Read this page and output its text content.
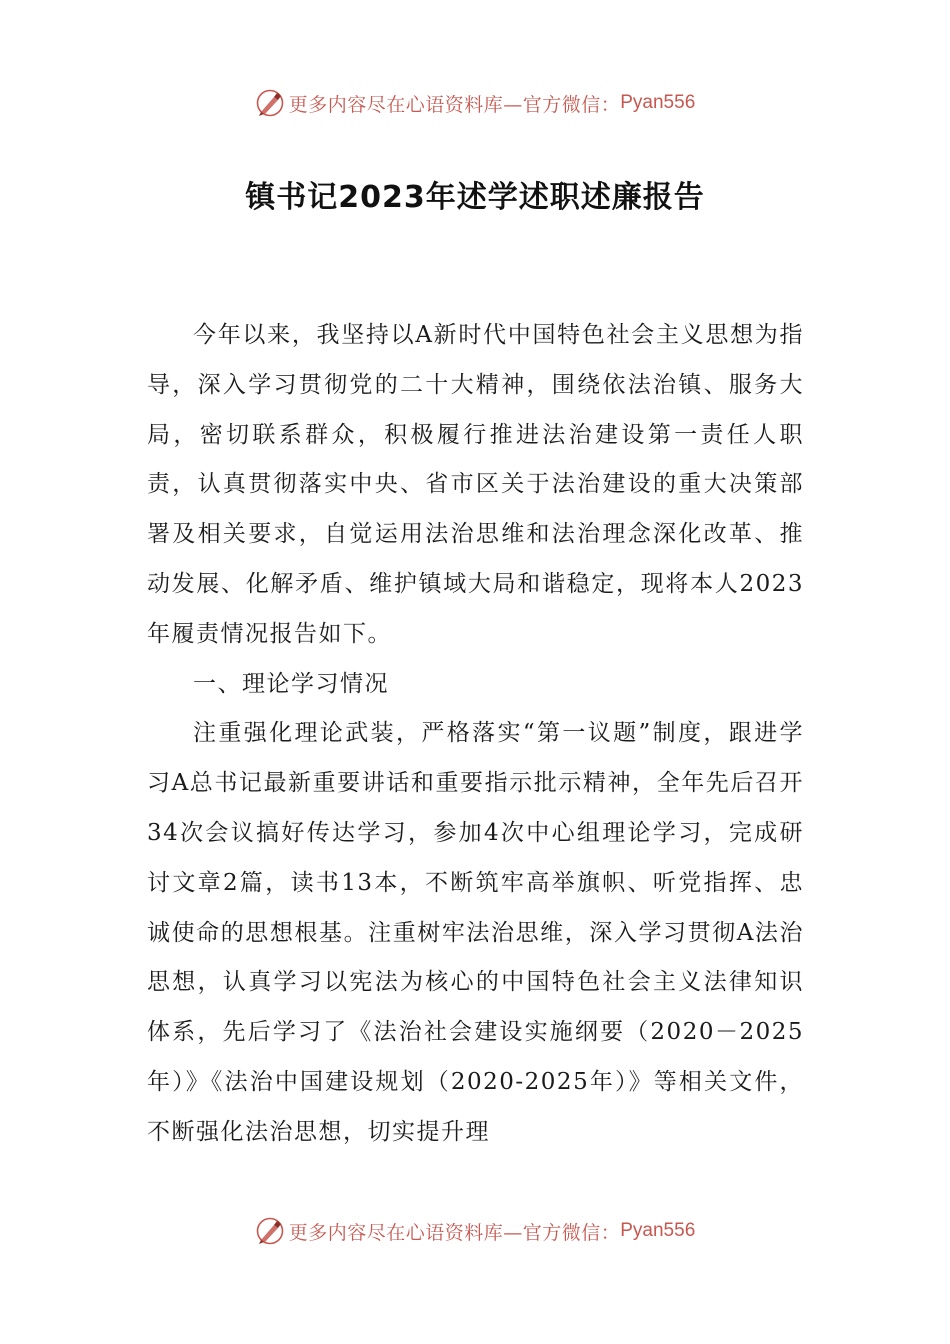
更多内容尽在心语资料库—官方微信： Pyan556
镇书记2023年述学述职述廉报告

今年以来，我坚持以A新时代中国特色社会主义思想为指导，深入学习贯彻党的二十大精神，围绕依法治镇、服务大局，密切联系群众，积极履行推进法治建设第一责任人职责，认真贯彻落实中央、省市区关于法治建设的重大决策部署及相关要求，自觉运用法治思维和法治理念深化改革、推动发展、化解矛盾、维护镇域大局和谐稳定，现将本人2023年履责情况报告如下。

一、理论学习情况

注重强化理论武装，严格落实“第一议题”制度，跟进学习A总书记最新重要讲话和重要指示批示精神，全年先后召开34次会议搞好传达学习，参加4次中心组理论学习，完成研讨文章2篇，读书13本，不断筑牢高举旗帜、听党指挥、忠诚使命的思想根基。注重树牢法治思维，深入学习贯彻A法治思想，认真学习以宪法为核心的中国特色社会主义法律知识体系，先后学习了《法治社会建设实施纲要（2020－2025年）》《法治中国建设规划（2020-2025年）》等相关文件，不断强化法治思想，切实提升理

更多内容尽在心语资料库—官方微信： Pyan556
